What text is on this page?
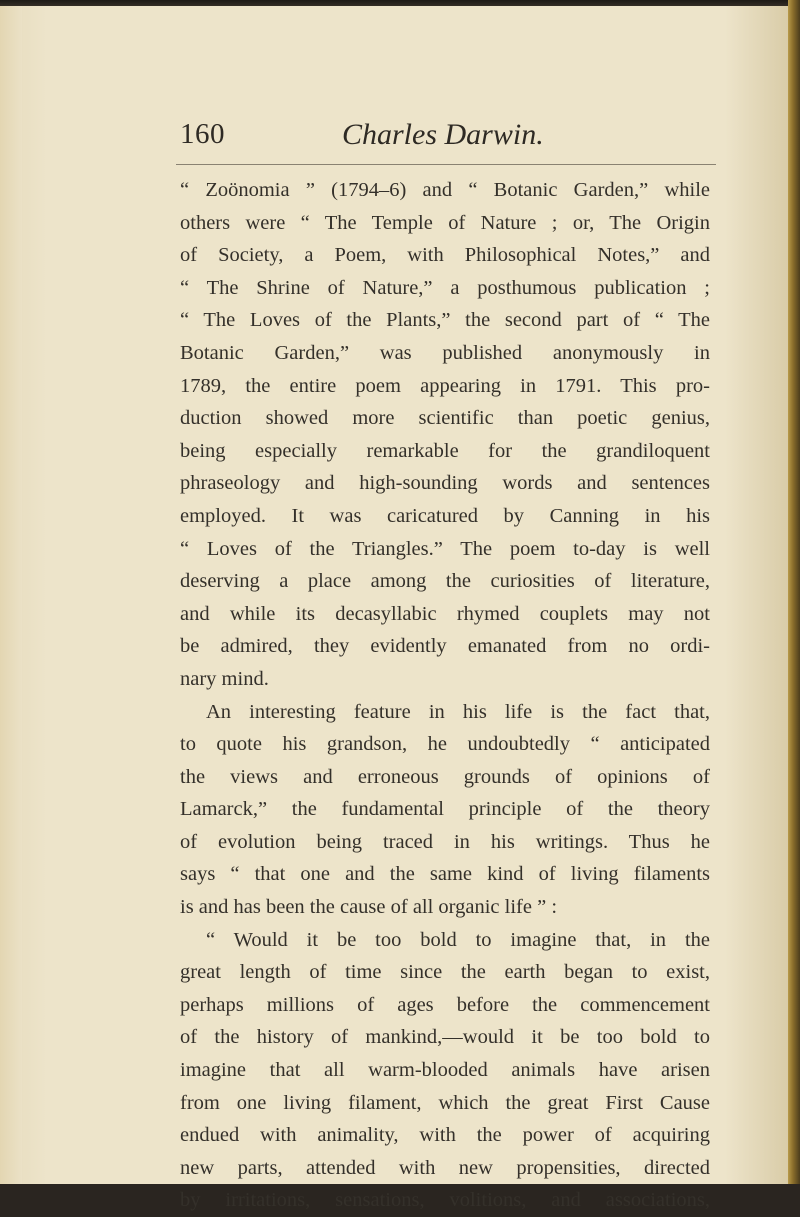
160	Charles Darwin.
“ Zoönomia ” (1794–6) and “ Botanic Garden,” while
others were “ The Temple of Nature ; or, The Origin
of Society, a Poem, with Philosophical Notes,” and
“ The Shrine of Nature,” a posthumous publication ;
“ The Loves of the Plants,” the second part of “ The
Botanic Garden,” was published anonymously in
1789, the entire poem appearing in 1791. This pro-
duction showed more scientific than poetic genius,
being especially remarkable for the grandiloquent
phraseology and high-sounding words and sentences
employed. It was caricatured by Canning in his
“ Loves of the Triangles.” The poem to-day is well
deserving a place among the curiosities of literature,
and while its decasyllabic rhymed couplets may not
be admired, they evidently emanated from no ordi-
nary mind.
An interesting feature in his life is the fact that,
to quote his grandson, he undoubtedly “ anticipated
the views and erroneous grounds of opinions of
Lamarck,” the fundamental principle of the theory
of evolution being traced in his writings. Thus he
says “ that one and the same kind of living filaments
is and has been the cause of all organic life ” :
“ Would it be too bold to imagine that, in the
great length of time since the earth began to exist,
perhaps millions of ages before the commencement
of the history of mankind,—would it be too bold to
imagine that all warm-blooded animals have arisen
from one living filament, which the great First Cause
endued with animality, with the power of acquiring
new parts, attended with new propensities, directed
by irritations, sensations, volitions, and associations,
